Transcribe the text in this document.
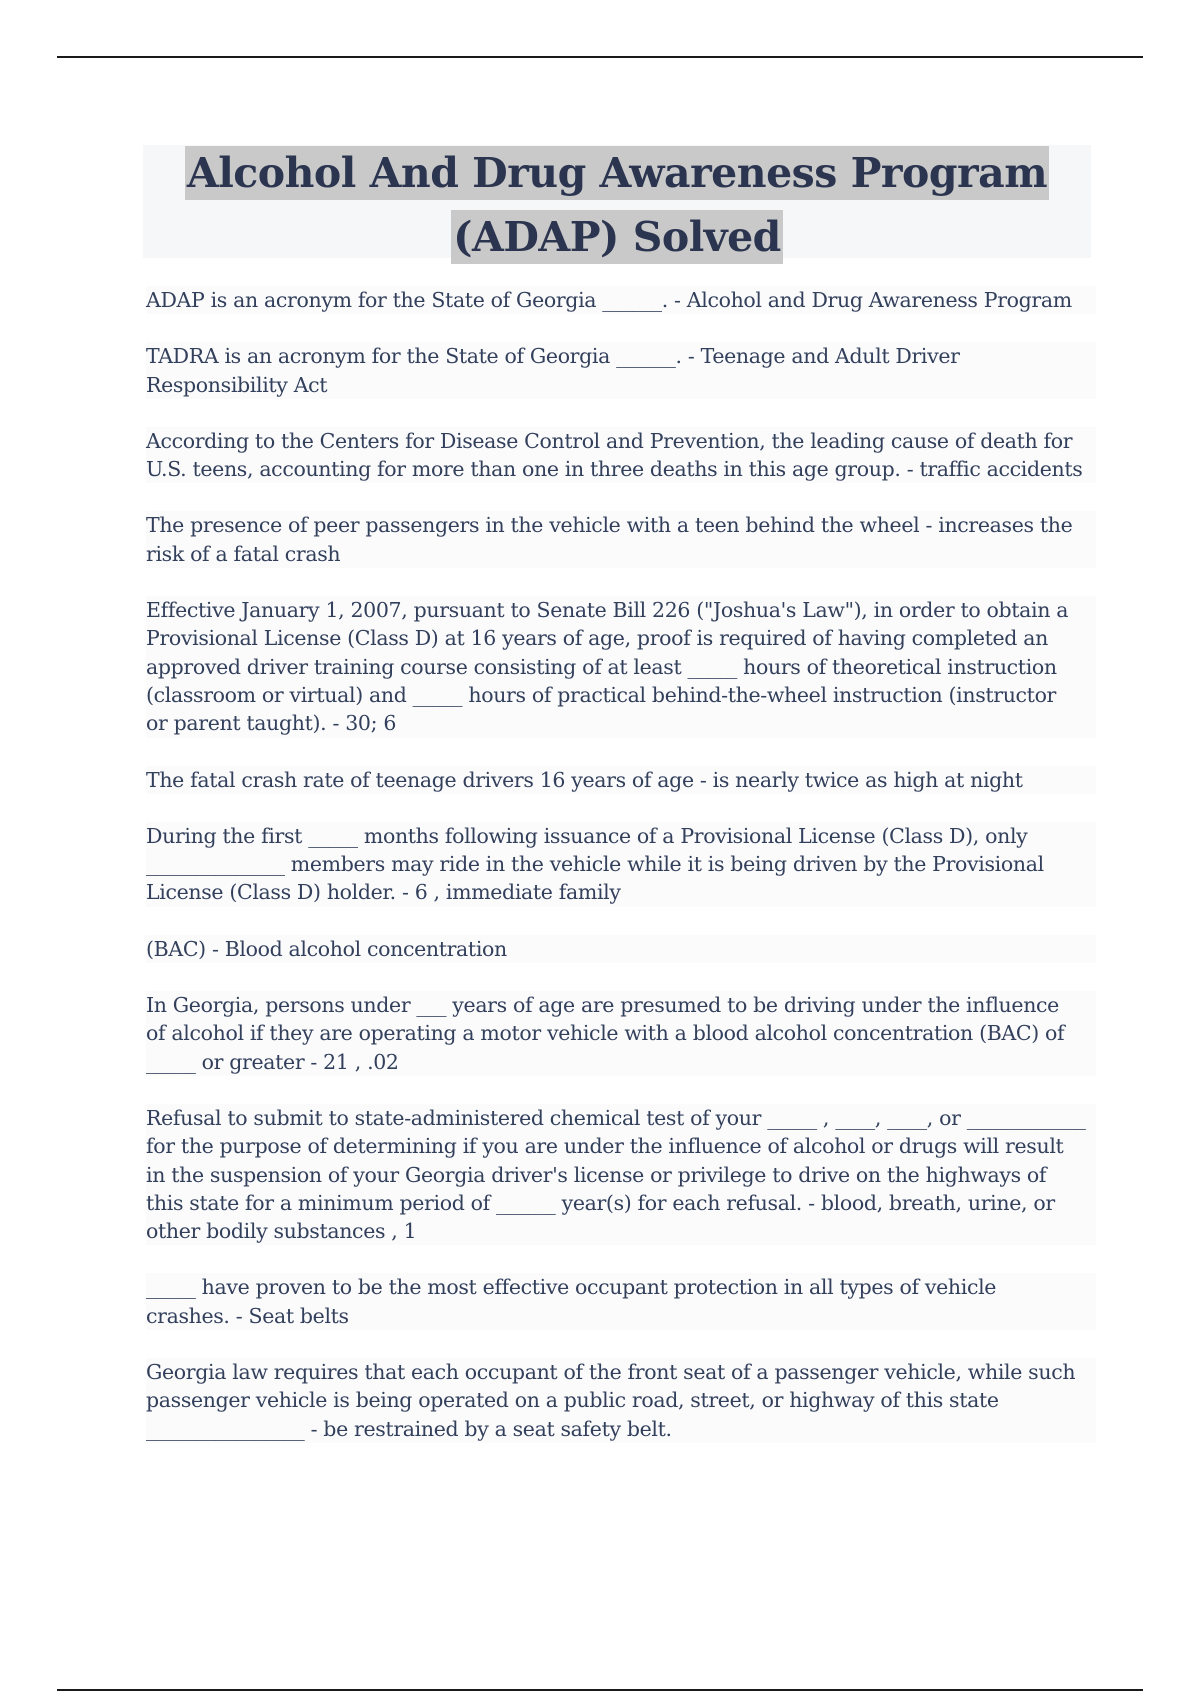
Alcohol And Drug Awareness Program
(ADAP) Solved

ADAP is an acronym for the State of Georgia ______. - Alcohol and Drug Awareness Program

TADRA is an acronym for the State of Georgia ______. - Teenage and Adult Driver
Responsibility Act

According to the Centers for Disease Control and Prevention, the leading cause of death for
U.S. teens, accounting for more than one in three deaths in this age group. - traffic accidents

The presence of peer passengers in the vehicle with a teen behind the wheel - increases the
risk of a fatal crash

Effective January 1, 2007, pursuant to Senate Bill 226 ("Joshua's Law"), in order to obtain a
Provisional License (Class D) at 16 years of age, proof is required of having completed an
approved driver training course consisting of at least _____ hours of theoretical instruction
(classroom or virtual) and _____ hours of practical behind-the-wheel instruction (instructor
or parent taught). - 30; 6

The fatal crash rate of teenage drivers 16 years of age - is nearly twice as high at night

During the first _____ months following issuance of a Provisional License (Class D), only
______________ members may ride in the vehicle while it is being driven by the Provisional
License (Class D) holder. - 6 , immediate family

(BAC) - Blood alcohol concentration

In Georgia, persons under ___ years of age are presumed to be driving under the influence
of alcohol if they are operating a motor vehicle with a blood alcohol concentration (BAC) of
_____ or greater - 21 , .02

Refusal to submit to state-administered chemical test of your _____ , ____, ____, or ____________
for the purpose of determining if you are under the influence of alcohol or drugs will result
in the suspension of your Georgia driver's license or privilege to drive on the highways of
this state for a minimum period of ______ year(s) for each refusal. - blood, breath, urine, or
other bodily substances , 1

_____ have proven to be the most effective occupant protection in all types of vehicle
crashes. - Seat belts

Georgia law requires that each occupant of the front seat of a passenger vehicle, while such
passenger vehicle is being operated on a public road, street, or highway of this state
________________ - be restrained by a seat safety belt.
